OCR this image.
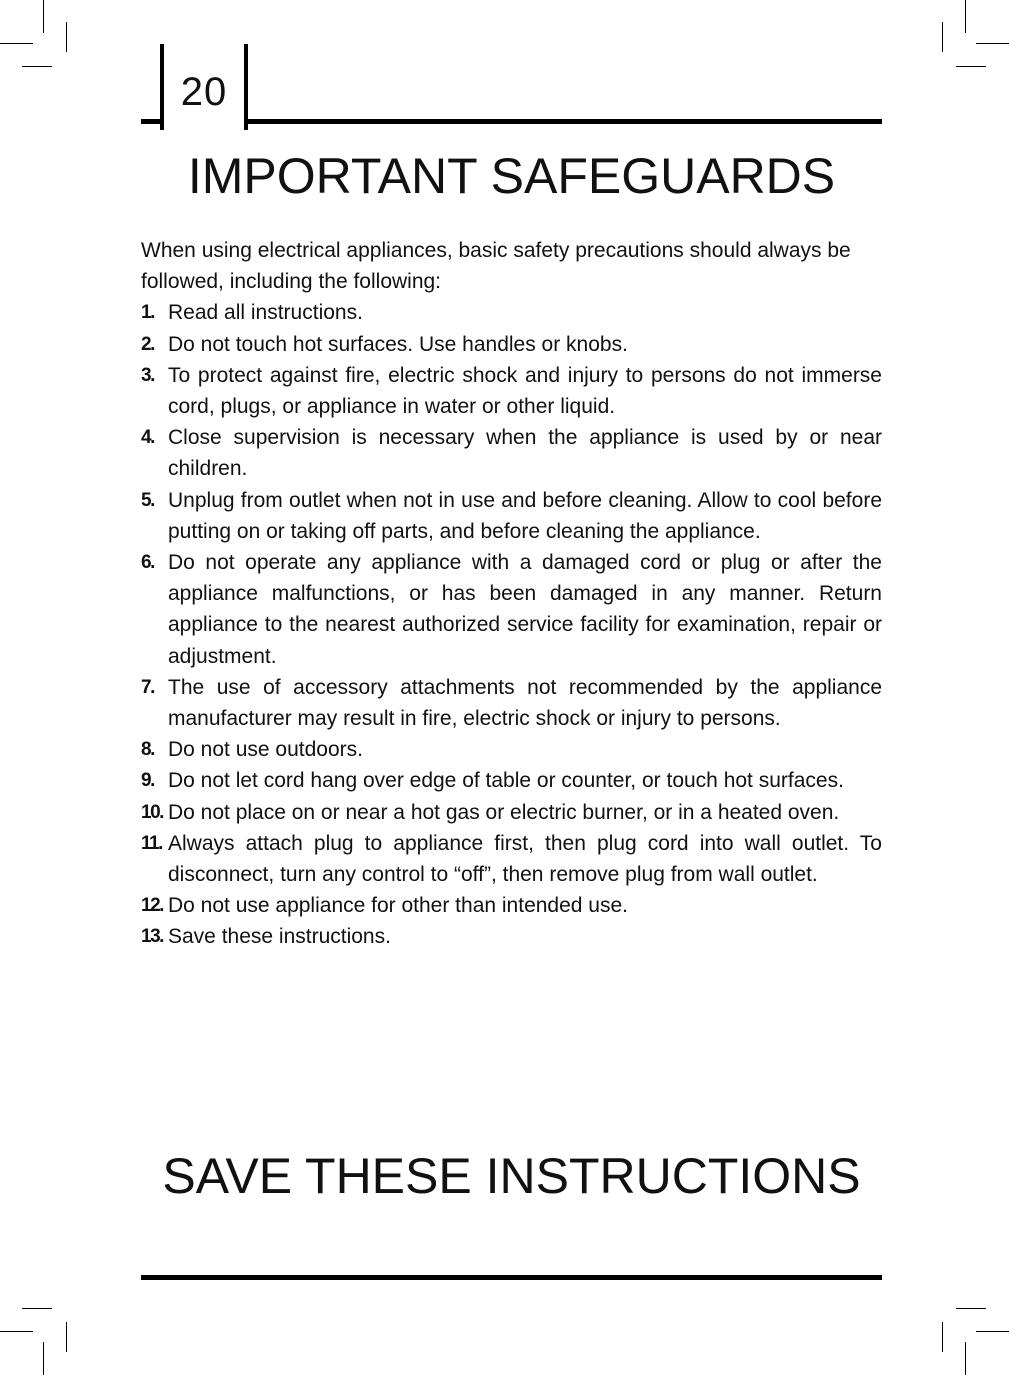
20
IMPORTANT SAFEGUARDS

When using electrical appliances, basic safety precautions should always be followed, including the following:

1. Read all instructions.
2. Do not touch hot surfaces. Use handles or knobs.
3. To protect against fire, electric shock and injury to persons do not immerse cord, plugs, or appliance in water or other liquid.
4. Close supervision is necessary when the appliance is used by or near children.
5. Unplug from outlet when not in use and before cleaning. Allow to cool before putting on or taking off parts, and before cleaning the appliance.
6. Do not operate any appliance with a damaged cord or plug or after the appliance malfunctions, or has been damaged in any manner. Return appliance to the nearest authorized service facility for examination, repair or adjustment.
7. The use of accessory attachments not recommended by the appliance manufacturer may result in fire, electric shock or injury to persons.
8. Do not use outdoors.
9. Do not let cord hang over edge of table or counter, or touch hot surfaces.
10. Do not place on or near a hot gas or electric burner, or in a heated oven.
11. Always attach plug to appliance first, then plug cord into wall outlet. To disconnect, turn any control to “off”, then remove plug from wall outlet.
12. Do not use appliance for other than intended use.
13. Save these instructions.
SAVE THESE INSTRUCTIONS
